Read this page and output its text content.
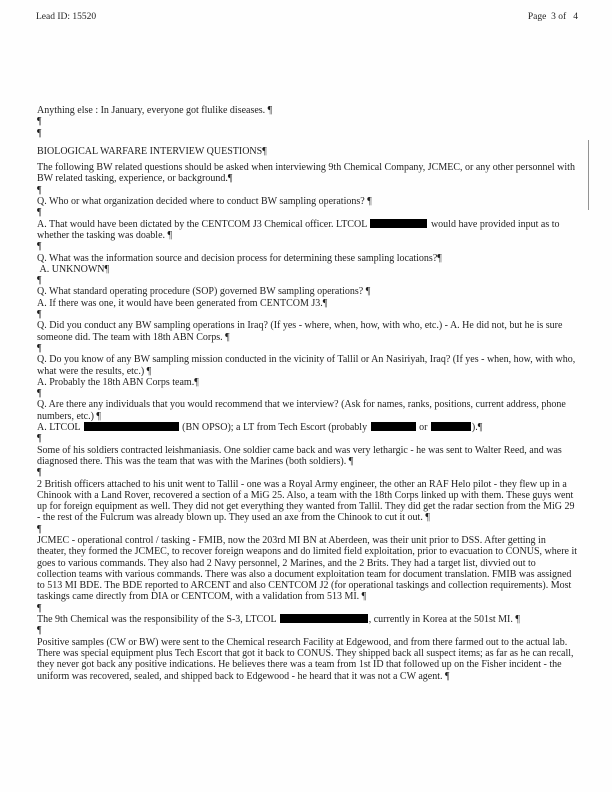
Lead ID: 15520	Page  3 of   4

Anything else : In January, everyone got flulike diseases. ¶

¶

¶

BIOLOGICAL WARFARE INTERVIEW QUESTIONS¶

The following BW related questions should be asked when interviewing 9th Chemical Company, JCMEC, or any other personnel with BW related tasking, experience, or background.¶

¶

Q. Who or what organization decided where to conduct BW sampling operations? ¶

¶

A. That would have been dictated by the CENTCOM J3 Chemical officer. LTCOL	would have provided input as to whether the tasking was doable. ¶

¶

Q. What was the information source and decision process for determining these sampling locations?¶

A. UNKNOWN¶

¶

Q. What standard operating procedure (SOP) governed BW sampling operations? ¶

A. If there was one, it would have been generated from CENTCOM J3.¶

¶

Q. Did you conduct any BW sampling operations in Iraq? (If yes - where, when, how, with who, etc.) - A. He did not, but he is sure someone did. The team with 18th ABN Corps. ¶

¶

Q. Do you know of any BW sampling mission conducted in the vicinity of Tallil or An Nasiriyah, Iraq? (If yes - when, how, with who, what were the results, etc.) ¶

A. Probably the 18th ABN Corps team.¶

¶

Q. Are there any individuals that you would recommend that we interview? (Ask for names, ranks, positions, current address, phone numbers, etc.) ¶

A. LTCOL	(BN OPSO); a LT from Tech Escort (probably	or	).¶

¶

Some of his soldiers contracted leishmaniasis. One soldier came back and was very lethargic - he was sent to Walter Reed, and was diagnosed there. This was the team that was with the Marines (both soldiers). ¶

¶

2 British officers attached to his unit went to Tallil - one was a Royal Army engineer, the other an RAF Helo pilot - they flew up in a Chinook with a Land Rover, recovered a section of a MiG 25. Also, a team with the 18th Corps linked up with them. These guys went up for foreign equipment as well. They did not get everything they wanted from Tallil. They did get the radar section from the MiG 29 - the rest of the Fulcrum was already blown up. They used an axe from the Chinook to cut it out. ¶

¶

JCMEC - operational control / tasking - FMIB, now the 203rd MI BN at Aberdeen, was their unit prior to DSS. After getting in theater, they formed the JCMEC, to recover foreign weapons and do limited field exploitation, prior to evacuation to CONUS, where it goes to various commands. They also had 2 Navy personnel, 2 Marines, and the 2 Brits. They had a target list, divvied out to collection teams with various commands. There was also a document exploitation team for document translation. FMIB was assigned to 513 MI BDE. The BDE reported to ARCENT and also CENTCOM J2 (for operational taskings and collection requirements). Most taskings came directly from DIA or CENTCOM, with a validation from 513 MI. ¶

¶

The 9th Chemical was the responsibility of the S-3, LTCOL	, currently in Korea at the 501st MI. ¶

¶

Positive samples (CW or BW) were sent to the Chemical research Facility at Edgewood, and from there farmed out to the actual lab. There was special equipment plus Tech Escort that got it back to CONUS. They shipped back all suspect items; as far as he can recall, they never got back any positive indications. He believes there was a team from 1st ID that followed up on the Fisher incident - the uniform was recovered, sealed, and shipped back to Edgewood - he heard that it was not a CW agent. ¶
